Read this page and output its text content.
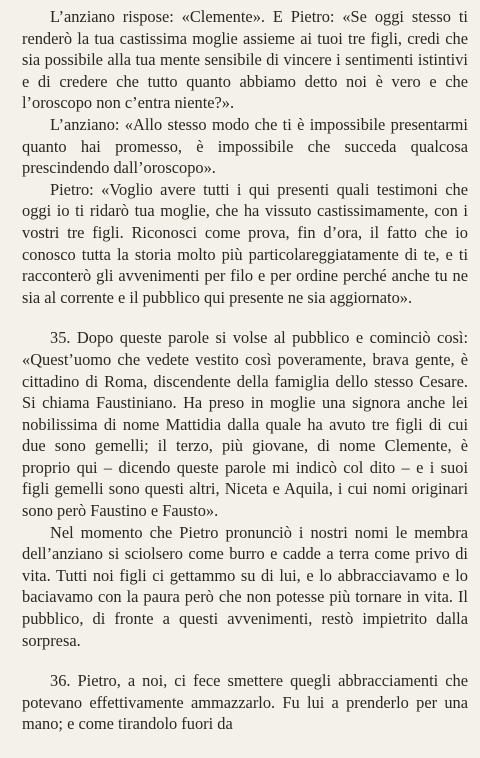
L’anziano rispose: «Clemente». E Pietro: «Se oggi stesso ti renderò la tua castissima moglie assieme ai tuoi tre figli, credi che sia possibile alla tua mente sensibile di vincere i sentimenti istintivi e di credere che tutto quanto abbiamo detto noi è vero e che l’oroscopo non c’entra niente?».

L’anziano: «Allo stesso modo che ti è impossibile presentarmi quanto hai promesso, è impossibile che succeda qualcosa prescindendo dall’oroscopo».

Pietro: «Voglio avere tutti i qui presenti quali testimoni che oggi io ti ridarò tua moglie, che ha vissuto castissimamente, con i vostri tre figli. Riconosci come prova, fin d’ora, il fatto che io conosco tutta la storia molto più particolareggiatamente di te, e ti racconterò gli avvenimenti per filo e per ordine perché anche tu ne sia al corrente e il pubblico qui presente ne sia aggiornato».

35. Dopo queste parole si volse al pubblico e cominciò così: «Quest’uomo che vedete vestito così poveramente, brava gente, è cittadino di Roma, discendente della famiglia dello stesso Cesare. Si chiama Faustiniano. Ha preso in moglie una signora anche lei nobilissima di nome Mattidia dalla quale ha avuto tre figli di cui due sono gemelli; il terzo, più giovane, di nome Clemente, è proprio qui – dicendo queste parole mi indicò col dito – e i suoi figli gemelli sono questi altri, Niceta e Aquila, i cui nomi originari sono però Faustino e Fausto».

Nel momento che Pietro pronunciò i nostri nomi le membra dell’anziano si sciolsero come burro e cadde a terra come privo di vita. Tutti noi figli ci gettammo su di lui, e lo abbracciavamo e lo baciavamo con la paura però che non potesse più tornare in vita. Il pubblico, di fronte a questi avvenimenti, restò impietrito dalla sorpresa.

36. Pietro, a noi, ci fece smettere quegli abbracciamenti che potevano effettivamente ammazzarlo. Fu lui a prenderlo per una mano; e come tirandolo fuori da
